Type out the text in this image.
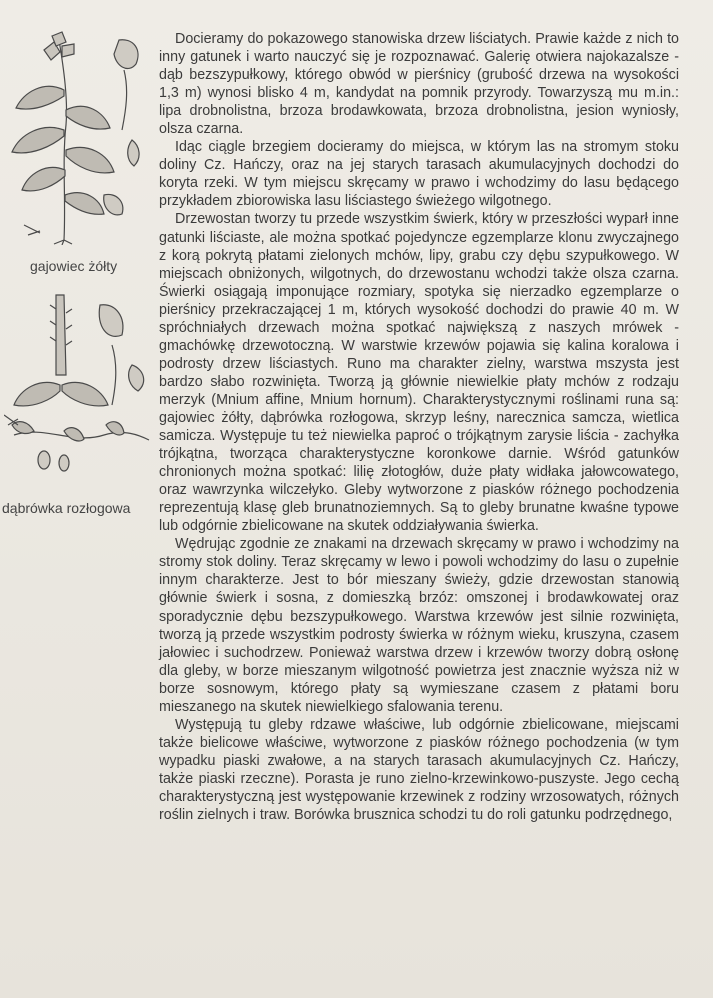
gajowiec żółty
dąbrówka rozłogowa

Docieramy do pokazowego stanowiska drzew liściatych. Prawie każde z nich to inny gatunek i warto nauczyć się je rozpoznawać. Galerię otwiera najokazalsze - dąb bezszypułkowy, którego obwód w pierśnicy (grubość drzewa na wysokości 1,3 m) wynosi blisko 4 m, kandydat na pomnik przyrody. Towarzyszą mu m.in.: lipa drobnolistna, brzoza brodawkowata, brzoza drobnolistna, jesion wyniosły, olsza czarna.

Idąc ciągle brzegiem docieramy do miejsca, w którym las na stromym stoku doliny Cz. Hańczy, oraz na jej starych tarasach akumulacyjnych dochodzi do koryta rzeki. W tym miejscu skręcamy w prawo i wchodzimy do lasu będącego przykładem zbiorowiska lasu liściastego świeżego wilgotnego.

Drzewostan tworzy tu przede wszystkim świerk, który w przeszłości wyparł inne gatunki liściaste, ale można spotkać pojedyncze egzemplarze klonu zwyczajnego z korą pokrytą płatami zielonych mchów, lipy, grabu czy dębu szypułkowego. W miejscach obniżonych, wilgotnych, do drzewostanu wchodzi także olsza czarna. Świerki osiągają imponujące rozmiary, spotyka się nierzadko egzemplarze o pierśnicy przekraczającej 1 m, których wysokość dochodzi do prawie 40 m. W spróchniałych drzewach można spotkać największą z naszych mrówek - gmachówkę drzewotoczną. W warstwie krzewów pojawia się kalina koralowa i podrosty drzew liściastych. Runo ma charakter zielny, warstwa mszysta jest bardzo słabo rozwinięta. Tworzą ją głównie niewielkie płaty mchów z rodzaju merzyk (Mnium affine, Mnium hornum). Charakterystycznymi roślinami runa są: gajowiec żółty, dąbrówka rozłogowa, skrzyp leśny, narecznica samcza, wietlica samicza. Występuje tu też niewielka paproć o trójkątnym zarysie liścia - zachyłka trójkątna, tworząca charakterystyczne koronkowe darnie. Wśród gatunków chronionych można spotkać: lilię złotogłów, duże płaty widłaka jałowcowatego, oraz wawrzynka wilczełyko. Gleby wytworzone z piasków różnego pochodzenia reprezentują klasę gleb brunatnoziemnych. Są to gleby brunatne kwaśne typowe lub odgórnie zbielicowane na skutek oddziaływania świerka.

Wędrując zgodnie ze znakami na drzewach skręcamy w prawo i wchodzimy na stromy stok doliny. Teraz skręcamy w lewo i powoli wchodzimy do lasu o zupełnie innym charakterze. Jest to bór mieszany świeży, gdzie drzewostan stanowią głównie świerk i sosna, z domieszką brzóz: omszonej i brodawkowatej oraz sporadycznie dębu bezszypułkowego. Warstwa krzewów jest silnie rozwinięta, tworzą ją przede wszystkim podrosty świerka w różnym wieku, kruszyna, czasem jałowiec i suchodrzew. Ponieważ warstwa drzew i krzewów tworzy dobrą osłonę dla gleby, w borze mieszanym wilgotność powietrza jest znacznie wyższa niż w borze sosnowym, którego płaty są wymieszane czasem z płatami boru mieszanego na skutek niewielkiego sfalowania terenu.

Występują tu gleby rdzawe właściwe, lub odgórnie zbielicowane, miejscami także bielicowe właściwe, wytworzone z piasków różnego pochodzenia (w tym wypadku piaski zwałowe, a na starych tarasach akumulacyjnych Cz. Hańczy, także piaski rzeczne). Porasta je runo zielno-krzewinkowo-puszyste. Jego cechą charakterystyczną jest występowanie krzewinek z rodziny wrzosowatych, różnych roślin zielnych i traw. Borówka brusznica schodzi tu do roli gatunku podrzędnego,
